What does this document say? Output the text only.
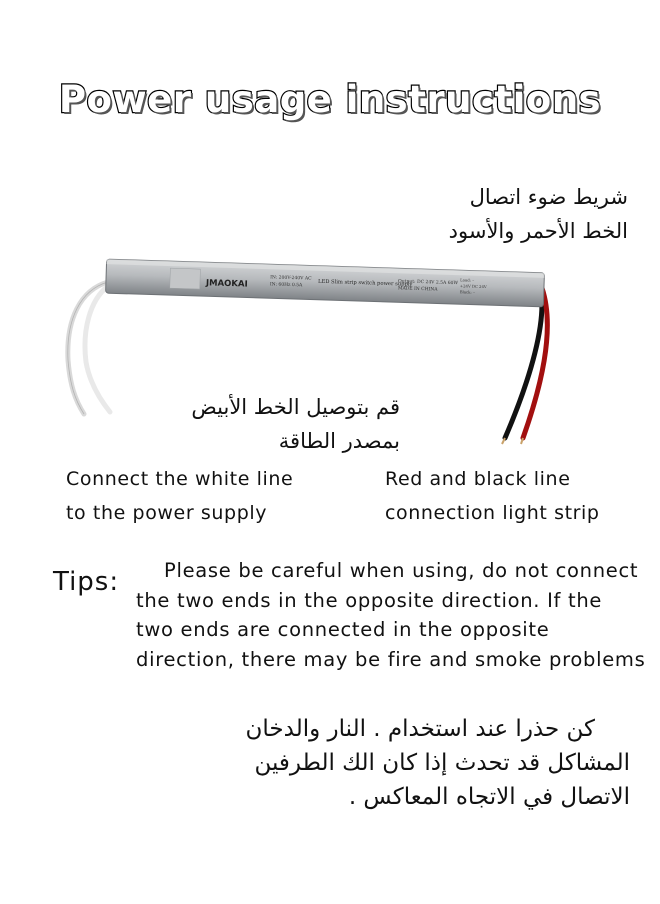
Power usage instructions
JMAOKAI	IN: 200V-240V AC
IN: 60Hz 0.5A	LED Slim strip switch power supply
Output: DC 24V 2.5A 60W
MADE IN CHINA
Load: ⎯
+24V DC 24V
Black: ⎯
شريط ضوء اتصال
الخط الأحمر والأسود
قم بتوصيل الخط الأبيض
بمصدر الطاقة
Connect the white line
to the power supply
Red and black line
connection light strip
Tips:	Please be careful when using, do not connect the two ends in the opposite direction. If the two ends are connected in the opposite direction, there may be fire and smoke problems
كن حذرا عند استخدام . النار والدخان
المشاكل قد تحدث إذا كان الك الطرفين
الاتصال في الاتجاه المعاكس .
